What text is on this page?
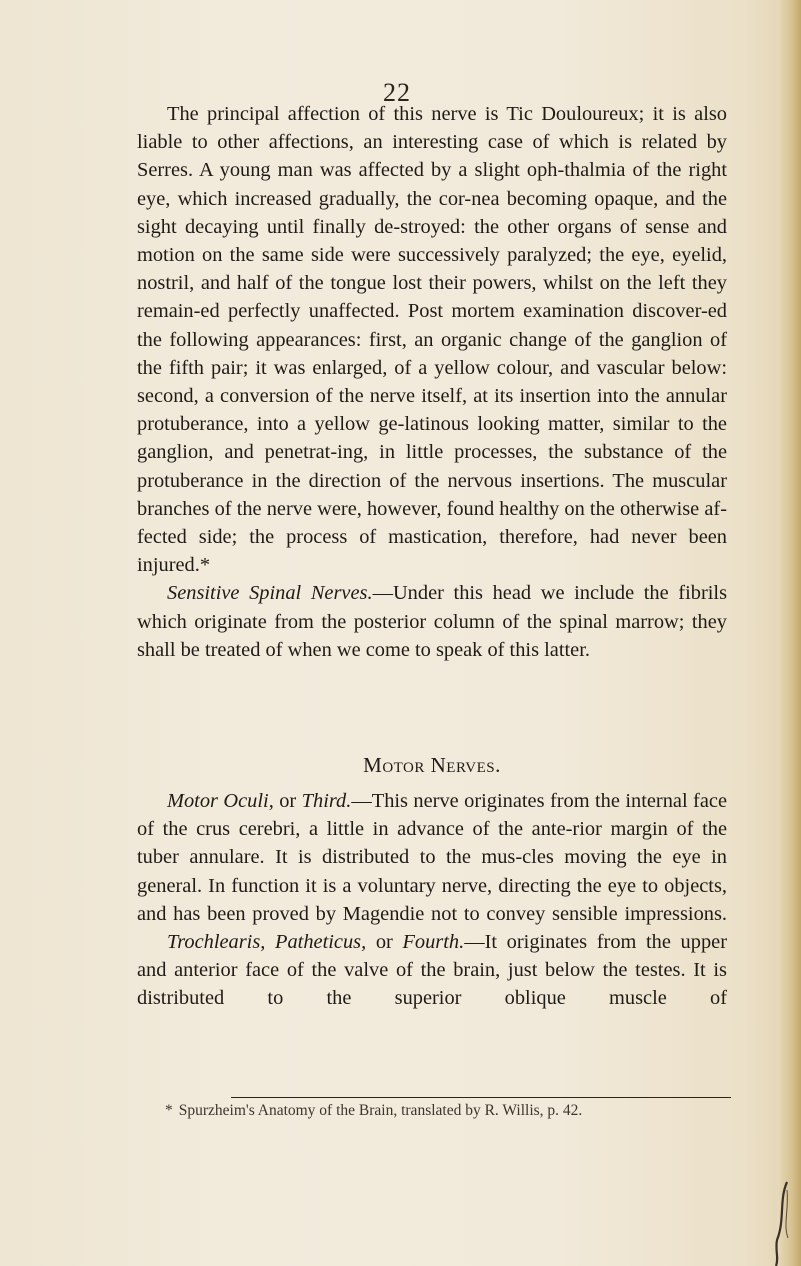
22

The principal affection of this nerve is Tic Douloureux; it is also liable to other affections, an interesting case of which is related by Serres. A young man was affected by a slight oph-thalmia of the right eye, which increased gradually, the cor-nea becoming opaque, and the sight decaying until finally de-stroyed: the other organs of sense and motion on the same side were successively paralyzed; the eye, eyelid, nostril, and half of the tongue lost their powers, whilst on the left they remain-ed perfectly unaffected. Post mortem examination discover-ed the following appearances: first, an organic change of the ganglion of the fifth pair; it was enlarged, of a yellow colour, and vascular below: second, a conversion of the nerve itself, at its insertion into the annular protuberance, into a yellow ge-latinous looking matter, similar to the ganglion, and penetrat-ing, in little processes, the substance of the protuberance in the direction of the nervous insertions. The muscular branches of the nerve were, however, found healthy on the otherwise af-fected side; the process of mastication, therefore, had never been injured.*

Sensitive Spinal Nerves.—Under this head we include the fibrils which originate from the posterior column of the spinal marrow; they shall be treated of when we come to speak of this latter.

Motor Nerves.

Motor Oculi, or Third.—This nerve originates from the internal face of the crus cerebri, a little in advance of the ante-rior margin of the tuber annulare. It is distributed to the mus-cles moving the eye in general. In function it is a voluntary nerve, directing the eye to objects, and has been proved by Magendie not to convey sensible impressions.

Trochlearis, Patheticus, or Fourth.—It originates from the upper and anterior face of the valve of the brain, just below the testes. It is distributed to the superior oblique muscle of

* Spurzheim's Anatomy of the Brain, translated by R. Willis, p. 42.
